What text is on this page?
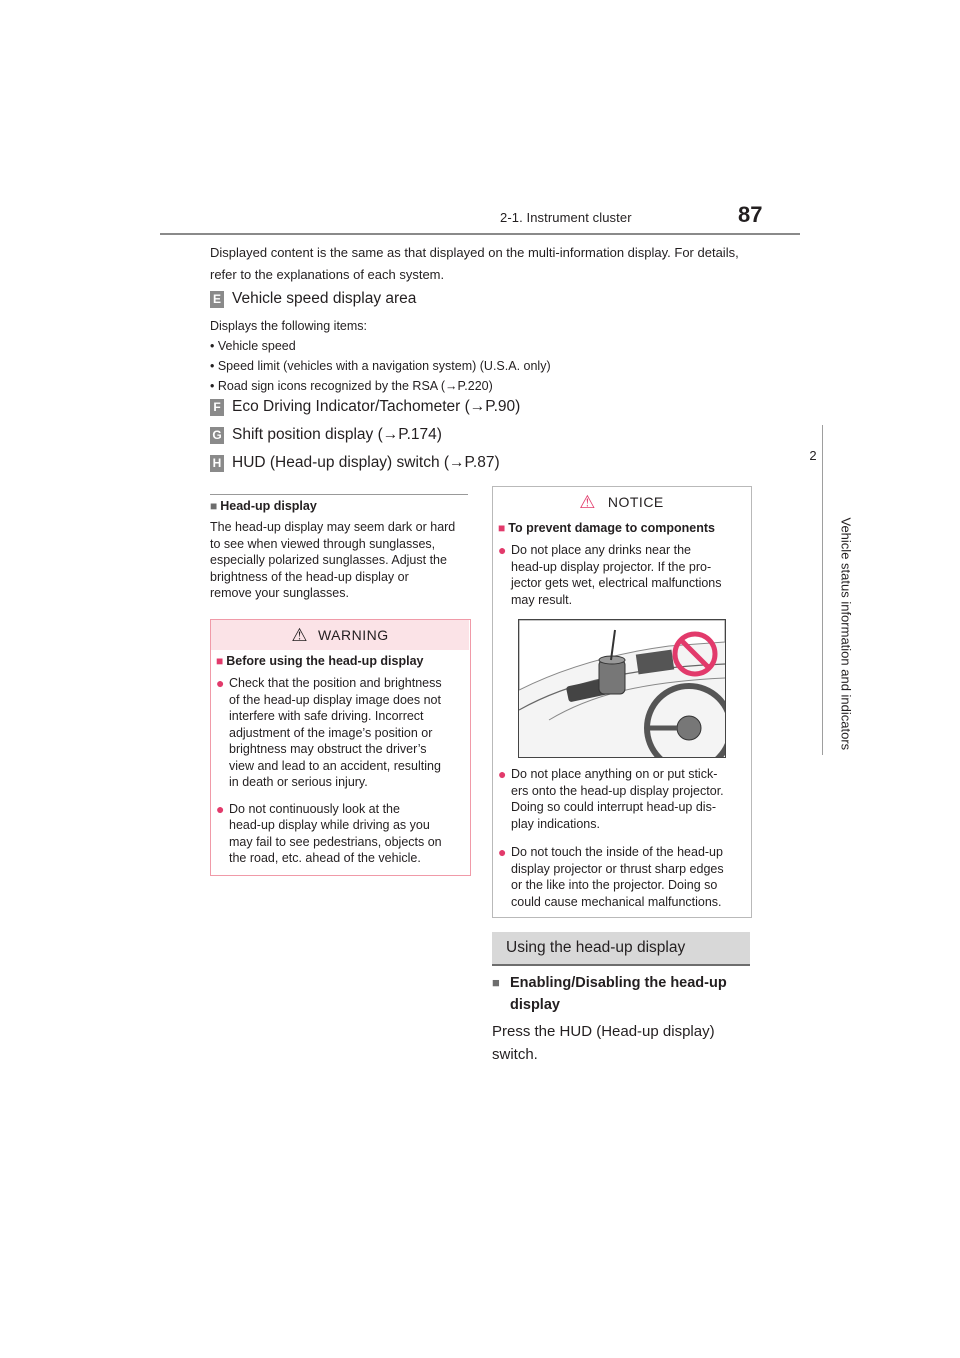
2-1. Instrument cluster	87
2
Vehicle status information and indicators
Displayed content is the same as that displayed on the multi-information display. For details,
refer to the explanations of each system.
E Vehicle speed display area
Displays the following items:
• Vehicle speed
• Speed limit (vehicles with a navigation system) (U.S.A. only)
• Road sign icons recognized by the RSA (→P.220)
F Eco Driving Indicator/Tachometer (→P.90)
G Shift position display (→P.174)
H HUD (Head-up display) switch (→P.87)
■ Head-up display
The head-up display may seem dark or hard
to see when viewed through sunglasses,
especially polarized sunglasses. Adjust the
brightness of the head-up display or
remove your sunglasses.
⚠ WARNING
■ Before using the head-up display
● Check that the position and brightness
of the head-up display image does not
interfere with safe driving. Incorrect
adjustment of the image’s position or
brightness may obstruct the driver’s
view and lead to an accident, resulting
in death or serious injury.
● Do not continuously look at the
head-up display while driving as you
may fail to see pedestrians, objects on
the road, etc. ahead of the vehicle.
⚠ NOTICE
■ To prevent damage to components
● Do not place any drinks near the
head-up display projector. If the pro-
jector gets wet, electrical malfunctions
may result.
● Do not place anything on or put stick-
ers onto the head-up display projector.
Doing so could interrupt head-up dis-
play indications.
● Do not touch the inside of the head-up
display projector or thrust sharp edges
or the like into the projector. Doing so
could cause mechanical malfunctions.
Using the head-up display
■ Enabling/Disabling the head-up
display
Press the HUD (Head-up display)
switch.
